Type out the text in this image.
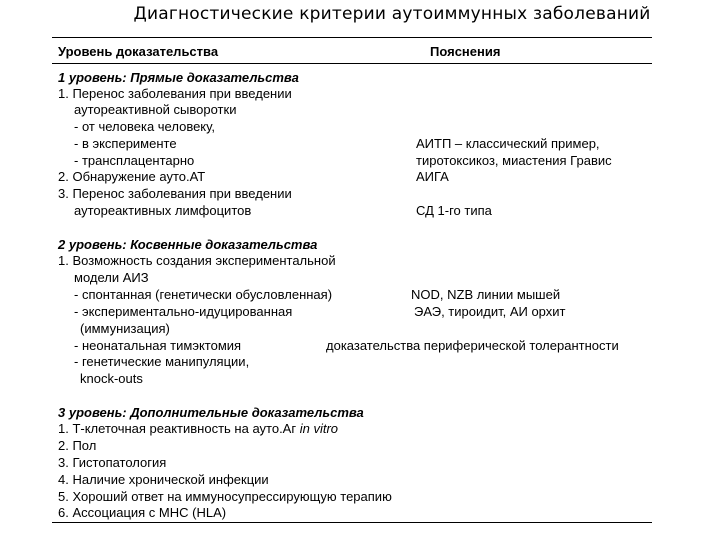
Диагностические критерии аутоиммунных заболеваний
Уровень доказательства	Пояснения
1 уровень: Прямые доказательства
1. Перенос заболевания при введении
аутореактивной сыворотки
- от человека человеку,
- в эксперименте
- трансплацентарно
2. Обнаружение ауто.АТ
3. Перенос заболевания при введении
аутореактивных лимфоцитов
АИТП – классический пример,
тиротоксикоз, миастения Гравис
АИГА
СД 1-го типа
2 уровень: Косвенные доказательства
1. Возможность создания экспериментальной
модели АИЗ
- спонтанная (генетически обусловленная)
- экспериментально-идуцированная
(иммунизация)
- неонатальная тимэктомия
- генетические манипуляции,
knock-outs
NOD, NZB линии мышей
ЭАЭ, тироидит, АИ орхит
доказательства периферической толерантности
3 уровень: Дополнительные доказательства
1. Т-клеточная реактивность на ауто.Аг in vitro
2. Пол
3. Гистопатология
4. Наличие хронической инфекции
5. Хороший ответ на иммуносупрессирующую терапию
6. Ассоциация с МНС (HLA)
